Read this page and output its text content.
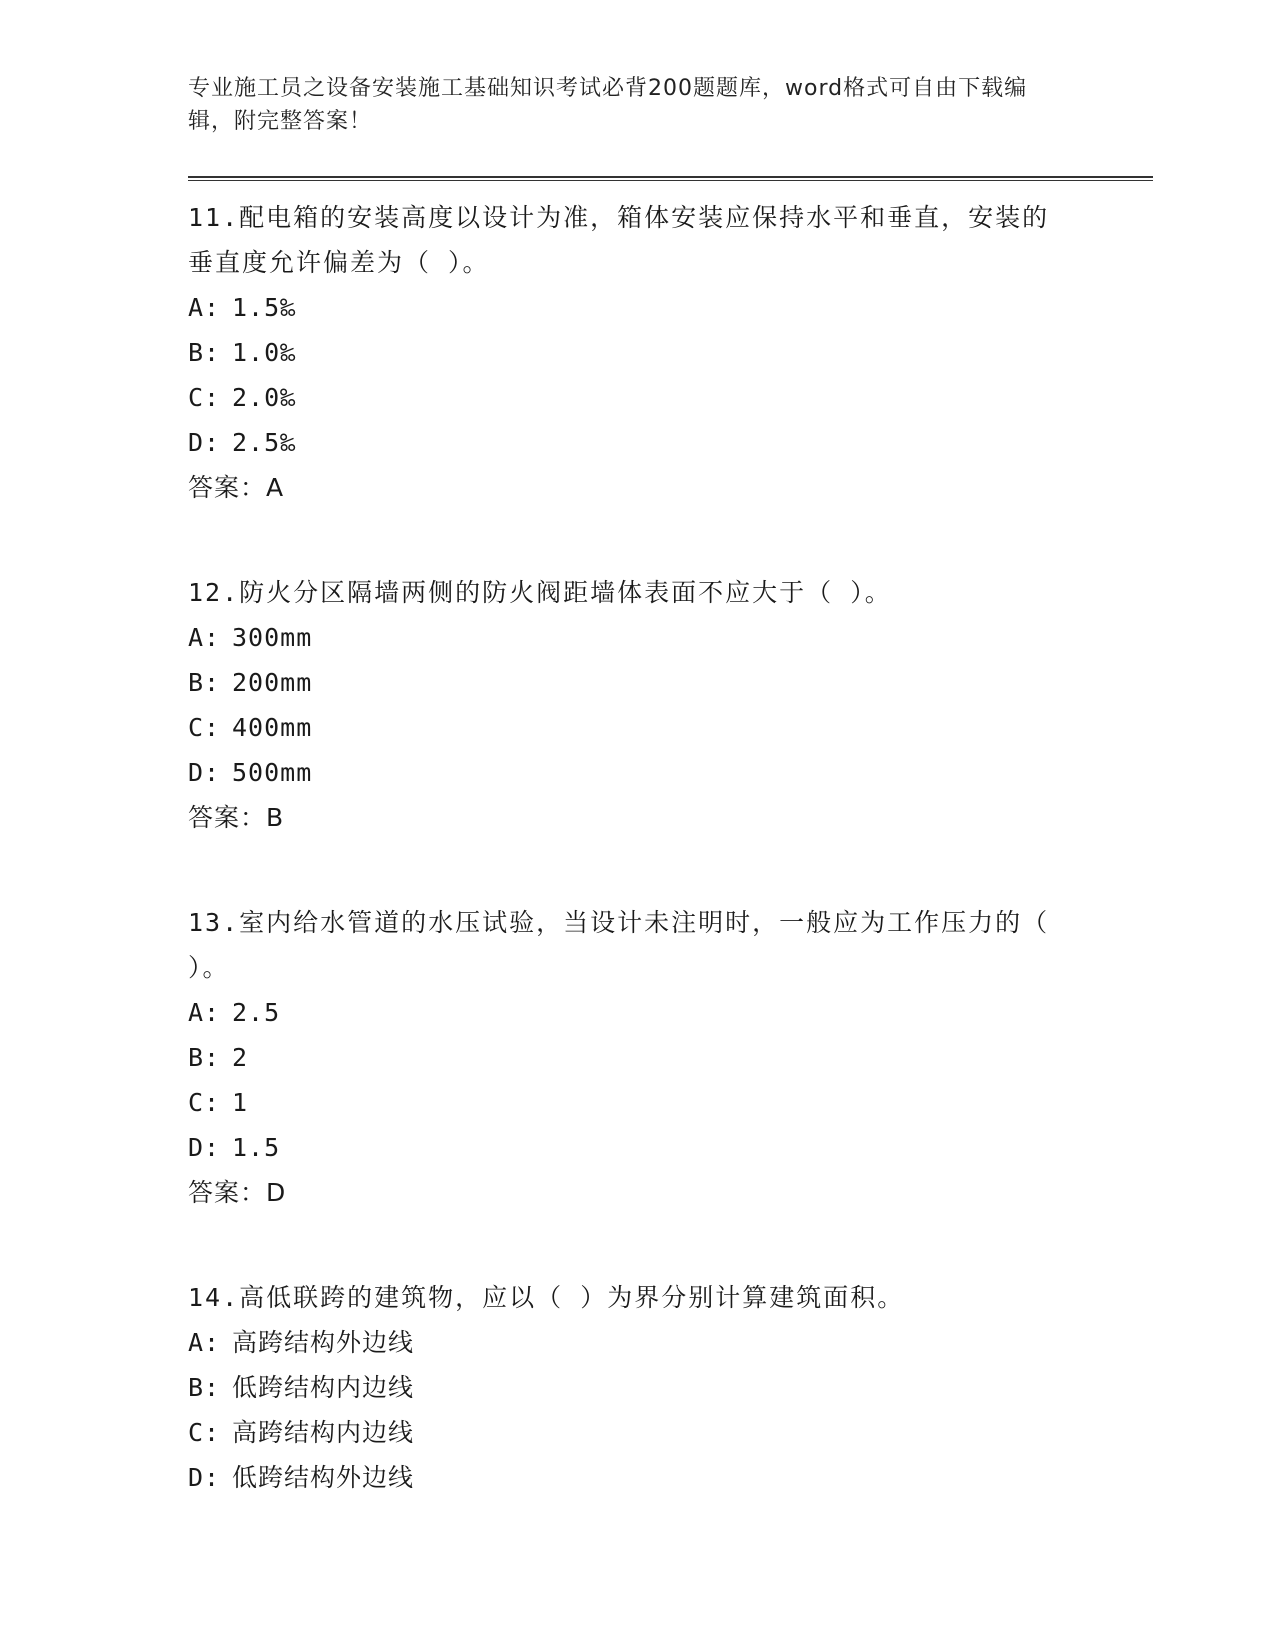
专业施工员之设备安装施工基础知识考试必背200题题库，word格式可自由下载编辑，附完整答案！

11.配电箱的安装高度以设计为准，箱体安装应保持水平和垂直，安装的垂直度允许偏差为（ ）。

A: 1.5‰

B: 1.0‰

C: 2.0‰

D: 2.5‰

答案：A

12.防火分区隔墙两侧的防火阀距墙体表面不应大于（ ）。

A: 300mm

B: 200mm

C: 400mm

D: 500mm

答案：B

13.室内给水管道的水压试验，当设计未注明时，一般应为工作压力的（ ）。

A: 2.5

B: 2

C: 1

D: 1.5

答案：D

14.高低联跨的建筑物，应以（ ）为界分别计算建筑面积。

A: 高跨结构外边线

B: 低跨结构内边线

C: 高跨结构内边线

D: 低跨结构外边线
